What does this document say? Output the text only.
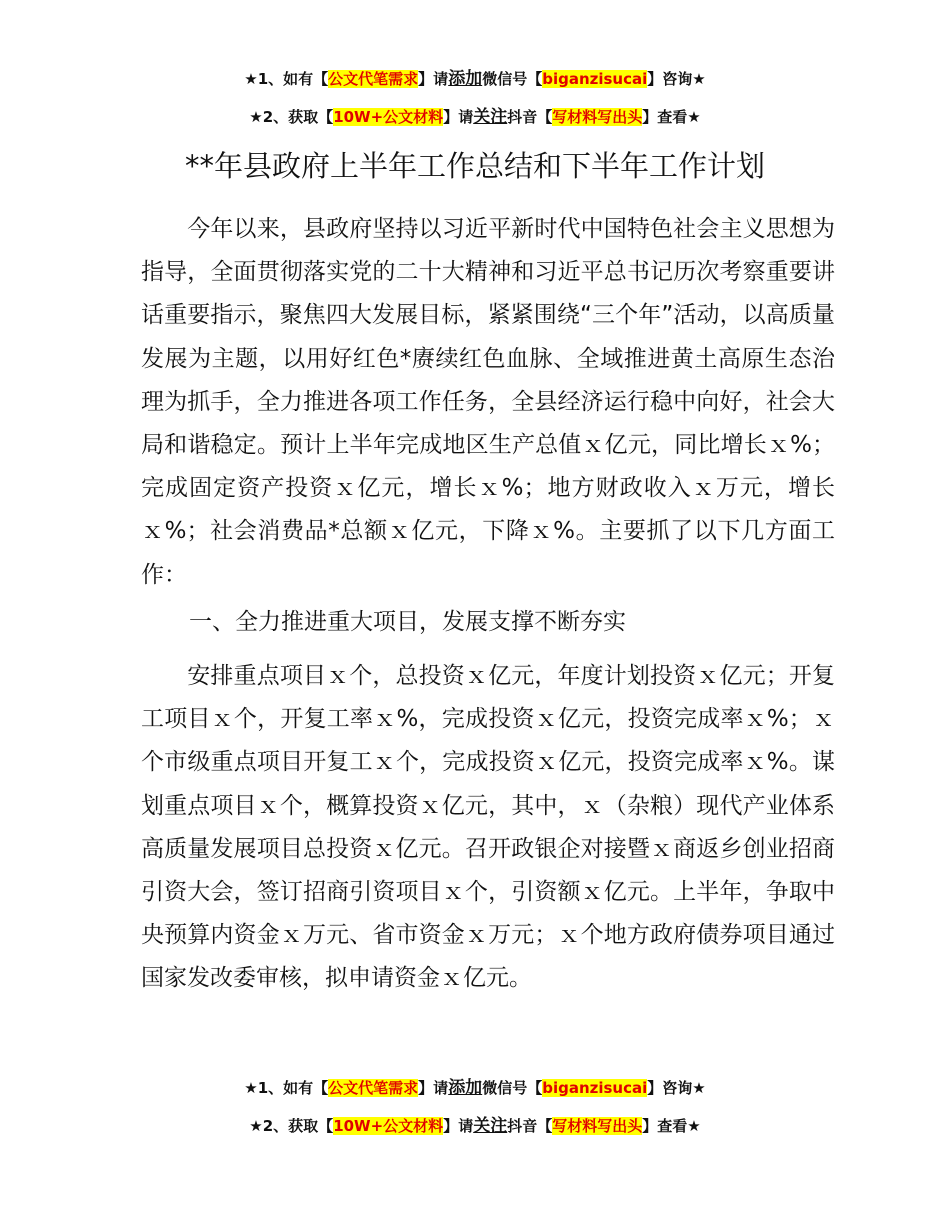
★1、如有【公文代笔需求】请添加微信号【biganzisucai】咨询★
★2、获取【10W+公文材料】请关注抖音【写材料写出头】查看★
**年县政府上半年工作总结和下半年工作计划

　　今年以来，县政府坚持以习近平新时代中国特色社会主义思想为指导，全面贯彻落实党的二十大精神和习近平总书记历次考察重要讲话重要指示，聚焦四大发展目标，紧紧围绕“三个年”活动，以高质量发展为主题，以用好红色*赓续红色血脉、全域推进黄土高原生态治理为抓手，全力推进各项工作任务，全县经济运行稳中向好，社会大局和谐稳定。预计上半年完成地区生产总值ｘ亿元，同比增长ｘ%；完成固定资产投资ｘ亿元，增长ｘ%；地方财政收入ｘ万元，增长ｘ%；社会消费品*总额ｘ亿元，下降ｘ%。主要抓了以下几方面工作：

一、全力推进重大项目，发展支撑不断夯实

　　安排重点项目ｘ个，总投资ｘ亿元，年度计划投资ｘ亿元；开复工项目ｘ个，开复工率ｘ%，完成投资ｘ亿元，投资完成率ｘ%；ｘ个市级重点项目开复工ｘ个，完成投资ｘ亿元，投资完成率ｘ%。谋划重点项目ｘ个，概算投资ｘ亿元，其中，ｘ（杂粮）现代产业体系高质量发展项目总投资ｘ亿元。召开政银企对接暨ｘ商返乡创业招商引资大会，签订招商引资项目ｘ个，引资额ｘ亿元。上半年，争取中央预算内资金ｘ万元、省市资金ｘ万元；ｘ个地方政府债券项目通过国家发改委审核，拟申请资金ｘ亿元。

★1、如有【公文代笔需求】请添加微信号【biganzisucai】咨询★
★2、获取【10W+公文材料】请关注抖音【写材料写出头】查看★
